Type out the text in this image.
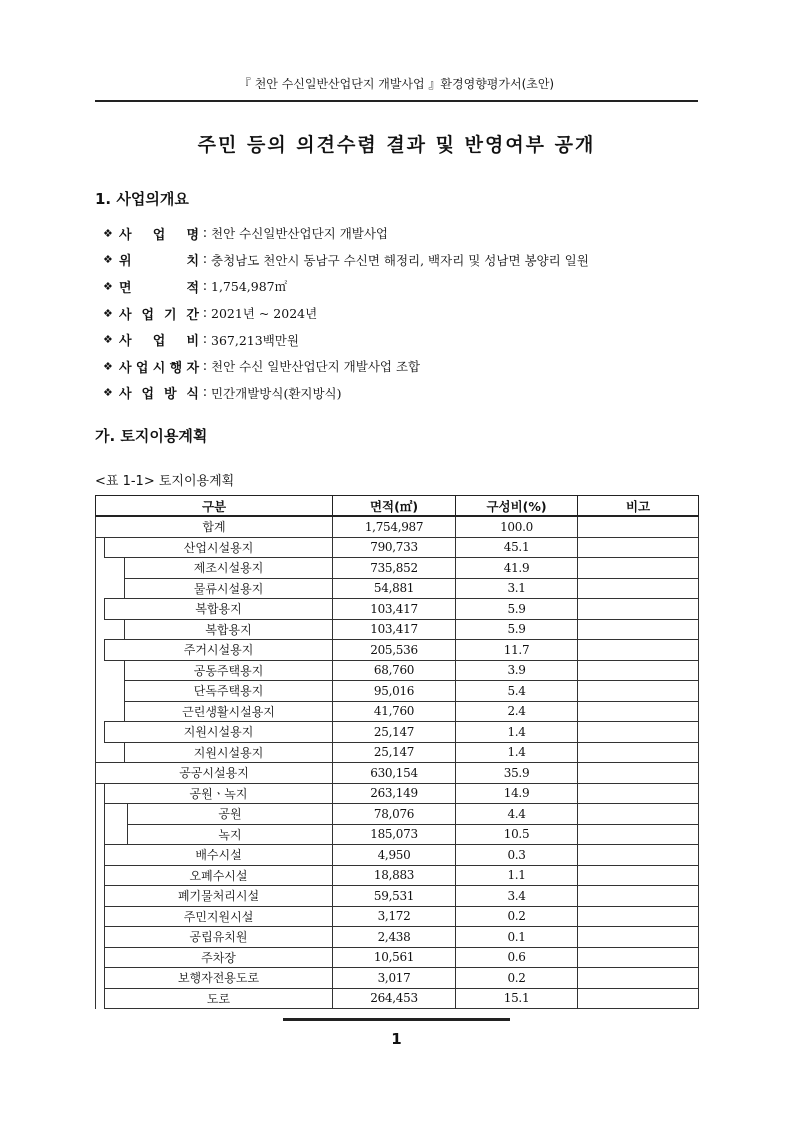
『 천안 수신일반산업단지 개발사업 』환경영향평가서(초안)
주민 등의 의견수렴 결과 및 반영여부 공개
1. 사업의개요
❖ 사 업 명 : 천안 수신일반산업단지 개발사업
❖ 위	치 : 충청남도 천안시 동남구 수신면 해정리, 백자리 및 성남면 봉양리 일원
❖ 면	적 : 1,754,987㎡
❖ 사 업 기 간 : 2021년 ~ 2024년
❖ 사 업 비 : 367,213백만원
❖ 사 업 시 행 자 : 천안 수신 일반산업단지 개발사업 조합
❖ 사 업 방 식 : 민간개발방식(환지방식)
가. 토지이용계획
<표 1-1> 토지이용계획
구분				면적(㎡)	구성비(%)	비고
합계				1,754,987	100.0	
	산업시설용지			790,733	45.1	
		제조시설용지		735,852	41.9	
		물류시설용지		54,881	3.1	
	복합용지			103,417	5.9	
		복합용지		103,417	5.9	
	주거시설용지			205,536	11.7	
		공동주택용지		68,760	3.9	
		단독주택용지		95,016	5.4	
		근린생활시설용지		41,760	2.4	
	지원시설용지			25,147	1.4	
		지원시설용지		25,147	1.4	
공공시설용지				630,154	35.9	
	공원ㆍ녹지			263,149	14.9	
			공원	78,076	4.4	
			녹지	185,073	10.5	
	배수시설			4,950	0.3	
	오폐수시설			18,883	1.1	
	폐기물처리시설			59,531	3.4	
	주민지원시설			3,172	0.2	
	공립유치원			2,438	0.1	
	주차장			10,561	0.6	
	보행자전용도로			3,017	0.2	
	도로			264,453	15.1	
1
